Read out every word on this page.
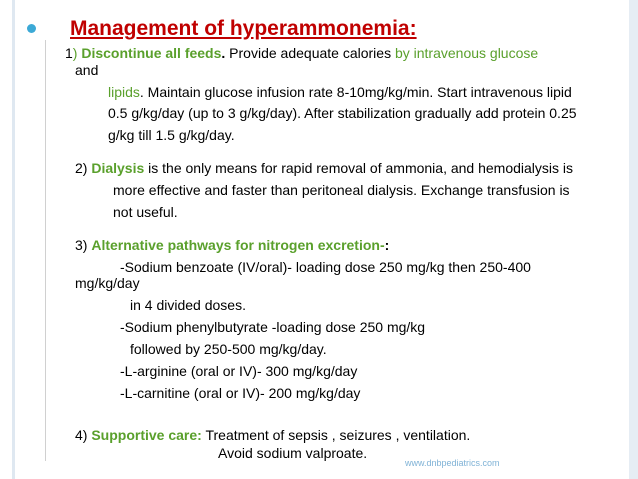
Management of hyperammonemia:

1) Discontinue all feeds. Provide adequate calories by intravenous glucose

and

lipids. Maintain glucose infusion rate 8-10mg/kg/min. Start intravenous lipid

0.5 g/kg/day (up to 3 g/kg/day). After stabilization gradually add protein 0.25

g/kg till 1.5 g/kg/day.

2) Dialysis is the only means for rapid removal of ammonia, and hemodialysis is

more effective and faster than peritoneal dialysis. Exchange transfusion is

not useful.

3) Alternative pathways for nitrogen excretion-:

-Sodium benzoate (IV/oral)- loading dose 250 mg/kg then 250-400

mg/kg/day

in 4 divided doses.

-Sodium phenylbutyrate -loading dose 250 mg/kg

followed by 250-500 mg/kg/day.

-L-arginine (oral or IV)- 300 mg/kg/day

-L-carnitine (oral or IV)- 200 mg/kg/day

4) Supportive care: Treatment of sepsis , seizures , ventilation.

Avoid sodium valproate.

www.dnbpediatrics.com
